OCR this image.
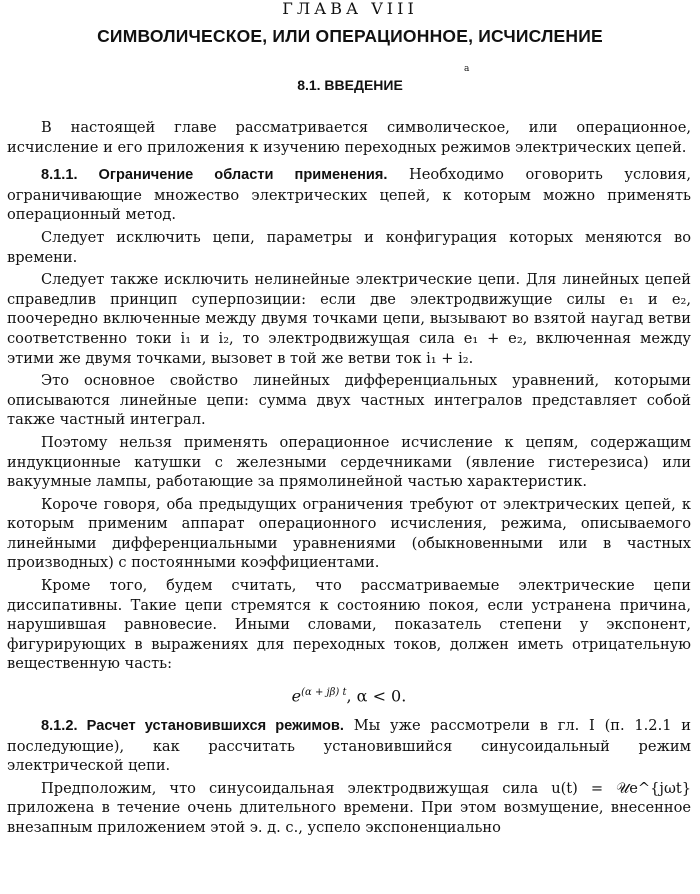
ГЛАВА VIII
СИМВОЛИЧЕСКОЕ, ИЛИ ОПЕРАЦИОННОЕ, ИСЧИСЛЕНИЕ
a
8.1. ВВЕДЕНИЕ

В настоящей главе рассматривается символическое, или операционное, исчисление и его приложения к изучению переходных режимов электрических цепей.

8.1.1. Ограничение области применения. Необходимо оговорить условия, ограничивающие множество электрических цепей, к которым можно применять операционный метод.

Следует исключить цепи, параметры и конфигурация которых меняются во времени.

Следует также исключить нелинейные электрические цепи. Для линейных цепей справедлив принцип суперпозиции: если две электродвижущие силы e₁ и e₂, поочередно включенные между двумя точками цепи, вызывают во взятой наугад ветви соответственно токи i₁ и i₂, то электродвижущая сила e₁ + e₂, включенная между этими же двумя точками, вызовет в той же ветви ток i₁ + i₂.

Это основное свойство линейных дифференциальных уравнений, которыми описываются линейные цепи: сумма двух частных интегралов представляет собой также частный интеграл.

Поэтому нельзя применять операционное исчисление к цепям, содержащим индукционные катушки с железными сердечниками (явление гистерезиса) или вакуумные лампы, работающие за прямолинейной частью характеристик.

Короче говоря, оба предыдущих ограничения требуют от электрических цепей, к которым применим аппарат операционного исчисления, режима, описываемого линейными дифференциальными уравнениями (обыкновенными или в частных производных) с постоянными коэффициентами.

Кроме того, будем считать, что рассматриваемые электрические цепи диссипативны. Такие цепи стремятся к состоянию покоя, если устранена причина, нарушившая равновесие. Иными словами, показатель степени у экспонент, фигурирующих в выражениях для переходных токов, должен иметь отрицательную вещественную часть:

$e^{(\alpha + j\beta) t}$, α < 0.

8.1.2. Расчет установившихся режимов. Мы уже рассмотрели в гл. I (п. 1.2.1 и последующие), как рассчитать установившийся синусоидальный режим электрической цепи.

Предположим, что синусоидальная электродвижущая сила u(t) = 𝒰e^{jωt} приложена в течение очень длительного времени. При этом возмущение, внесенное внезапным приложением этой э. д. с., успело экспоненциально
